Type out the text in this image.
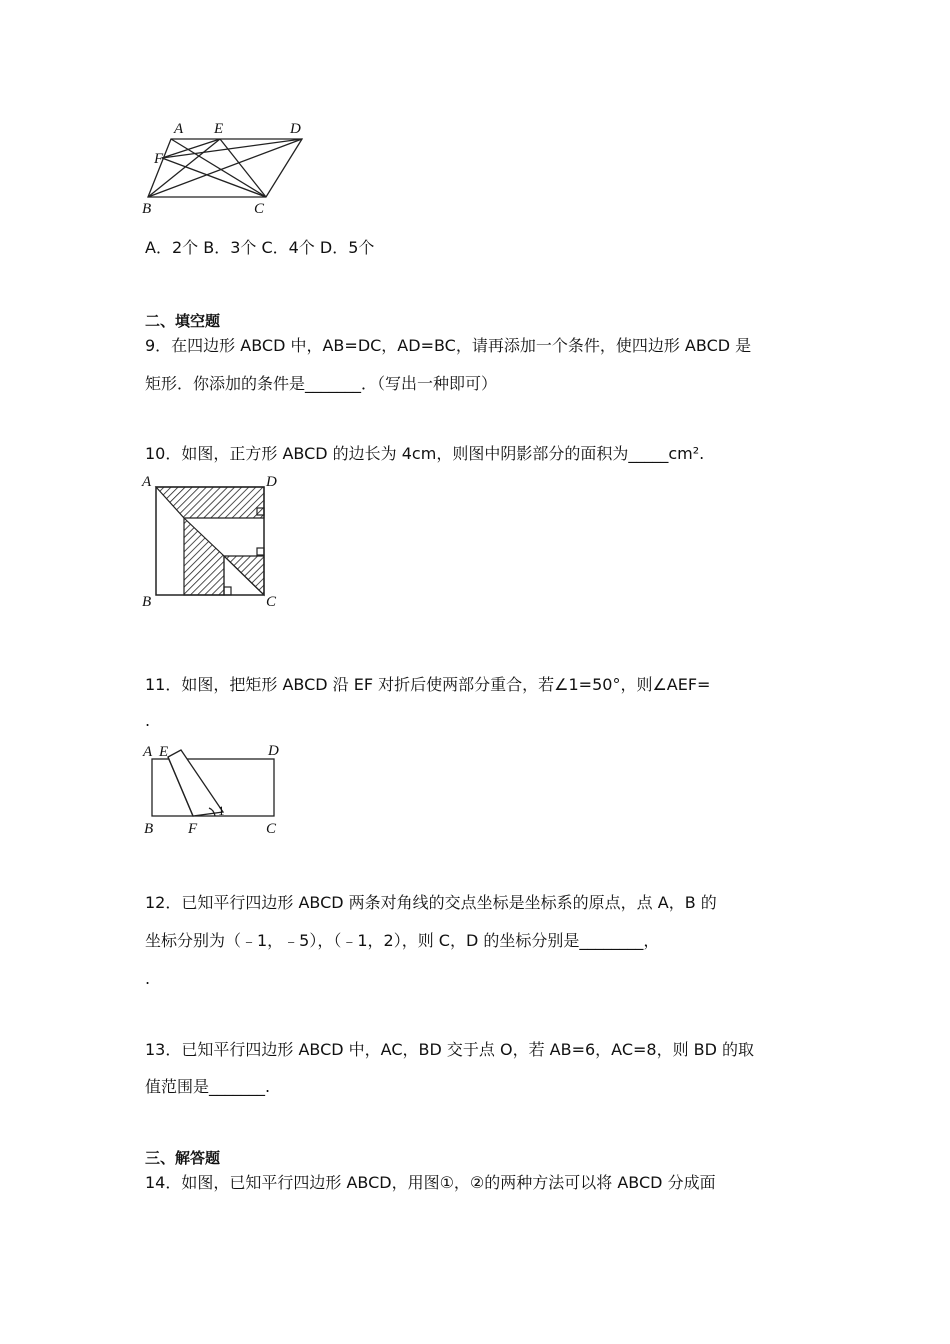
A E	D
F
B	C
A．2个 B．3个 C．4个 D．5个
二、填空题
9．在四边形 ABCD 中，AB=DC，AD=BC，请再添加一个条件，使四边形 ABCD 是
矩形．你添加的条件是_______．（写出一种即可）
10．如图，正方形 ABCD 的边长为 4cm，则图中阴影部分的面积为_____cm².
A	D
B	C
11．如图，把矩形 ABCD 沿 EF 对折后使两部分重合，若∠1=50°，则∠AEF=
.
A E	D
B F	C
1
12．已知平行四边形 ABCD 两条对角线的交点坐标是坐标系的原点，点 A，B 的
坐标分别为（﹣1，﹣5），（﹣1，2），则 C，D 的坐标分别是________，
.
13．已知平行四边形 ABCD 中，AC，BD 交于点 O，若 AB=6，AC=8，则 BD 的取
值范围是_______.
三、解答题
14．如图，已知平行四边形 ABCD，用图①，②的两种方法可以将 ABCD 分成面
